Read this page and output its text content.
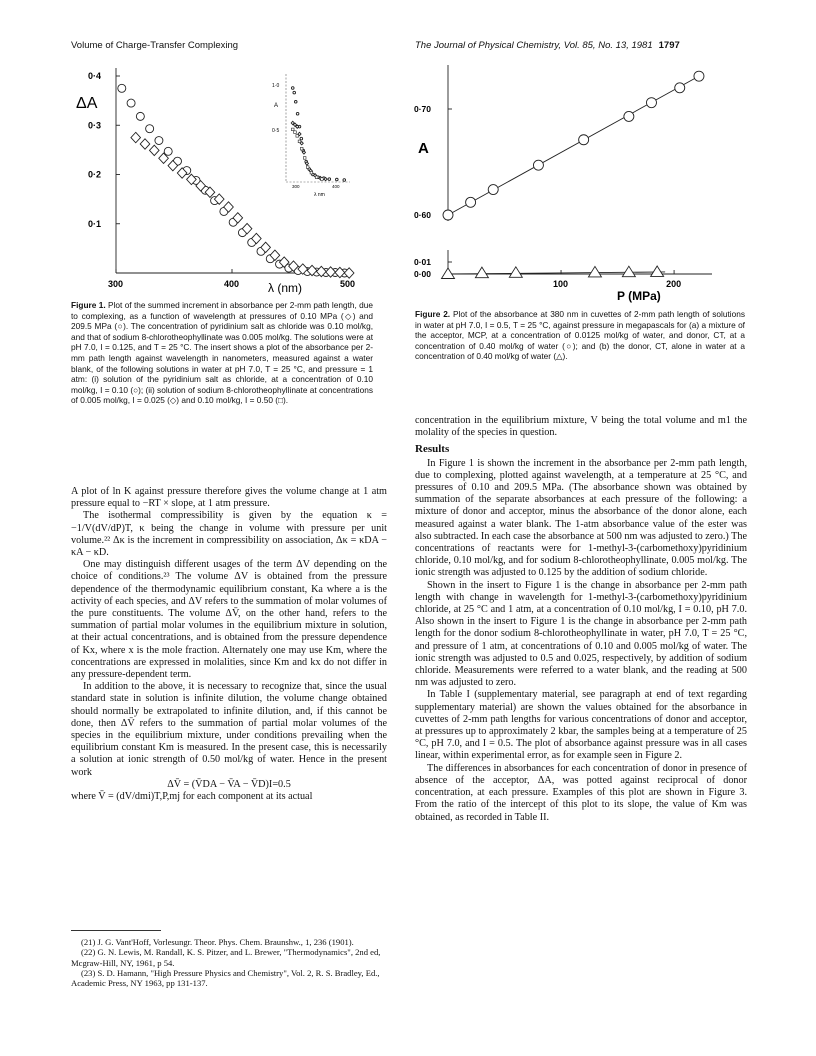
Volume of Charge-Transfer Complexing	The Journal of Physical Chemistry, Vol. 85, No. 13, 1981 1797
0·1
0·2
0·3
0·4
300	400	500
ΔA
λ (nm)
1·0
A
0·5
300	400
λ nm
Figure 1. Plot of the summed increment in absorbance per 2-mm path length, due to complexing, as a function of wavelength at pressures of 0.10 MPa (◇) and 209.5 MPa (○). The concentration of pyridinium salt as chloride was 0.10 mol/kg, and that of sodium 8-chlorotheophyllinate was 0.005 mol/kg. The solutions were at pH 7.0, I = 0.125, and T = 25 °C. The insert shows a plot of the absorbance per 2-mm path length against wavelength in nanometers, measured against a water blank, of the following solutions in water at pH 7.0, T = 25 °C, and pressure = 1 atm: (i) solution of the pyridinium salt as chloride, at a concentration of 0.10 mol/kg, I = 0.10 (○); (ii) solution of sodium 8-chlorotheophyllinate at concentrations of 0.005 mol/kg, I = 0.025 (◇) and 0.10 mol/kg, I = 0.50 (□).
0·00
0·01
0·60
0·70
100	200
A
P (MPa)
Figure 2. Plot of the absorbance at 380 nm in cuvettes of 2-mm path length of solutions in water at pH 7.0, I = 0.5, T = 25 °C, against pressure in megapascals for (a) a mixture of the acceptor, MCP, at a concentration of 0.0125 mol/kg of water, and donor, CT, at a concentration of 0.40 mol/kg of water (○); and (b) the donor, CT, alone in water at a concentration of 0.40 mol/kg of water (△).

A plot of ln K against pressure therefore gives the volume change at 1 atm pressure equal to −RT × slope, at 1 atm pressure.

The isothermal compressibility is given by the equation κ = −1/V(dV/dP)T, κ being the change in volume with pressure per unit volume.²² Δκ is the increment in compressibility on association, Δκ = κDA − κA − κD.

One may distinguish different usages of the term ΔV depending on the choice of conditions.²³ The volume ΔV is obtained from the pressure dependence of the thermodynamic equilibrium constant, Ka where a is the activity of each species, and ΔV refers to the summation of molar volumes of the pure constituents. The volume ΔV̄, on the other hand, refers to the summation of partial molar volumes in the equilibrium mixture in solution, at their actual concentrations, and is obtained from the pressure dependence of Kx, where x is the mole fraction. Alternately one may use Km, where the concentrations are expressed in molalities, since Km and kx do not differ in any pressure-dependent term.

In addition to the above, it is necessary to recognize that, since the usual standard state in solution is infinite dilution, the volume change obtained should normally be extrapolated to infinite dilution, and, if this cannot be done, then ΔV̄ refers to the summation of partial molar volumes of the species in the equilibrium mixture, under conditions prevailing when the equilibrium constant Km is measured. In the present case, this is necessarily a solution at ionic strength of 0.50 mol/kg of water. Hence in the present work

ΔV̄ = (V̄DA − V̄A − V̄D)I=0.5

where V̄ = (dV/dmi)T,P,mj for each component at its actual

(21) J. G. Vant'Hoff, Vorlesungr. Theor. Phys. Chem. Braunshw., 1, 236 (1901).

(22) G. N. Lewis, M. Randall, K. S. Pitzer, and L. Brewer, "Thermodynamics", 2nd ed, Mcgraw-Hill, NY, 1961, p 54.

(23) S. D. Hamann, "High Pressure Physics and Chemistry", Vol. 2, R. S. Bradley, Ed., Academic Press, NY 1963, pp 131-137.

concentration in the equilibrium mixture, V being the total volume and m1 the molality of the species in question.

Results

In Figure 1 is shown the increment in the absorbance per 2-mm path length, due to complexing, plotted against wavelength, at a temperature at 25 °C, and pressures of 0.10 and 209.5 MPa. (The absorbance shown was obtained by summation of the separate absorbances at each pressure of the following: a mixture of donor and acceptor, minus the absorbance of the donor alone, each measured against a water blank. The 1-atm absorbance value of the ester was also subtracted. In each case the absorbance at 500 nm was adjusted to zero.) The concentrations of reactants were for 1-methyl-3-(carbomethoxy)pyridinium chloride, 0.10 mol/kg, and for sodium 8-chlorotheophyllinate, 0.005 mol/kg. The ionic strength was adjusted to 0.125 by the addition of sodium chloride.

Shown in the insert to Figure 1 is the change in absorbance per 2-mm path length with change in wavelength for 1-methyl-3-(carbomethoxy)pyridinium chloride, at 25 °C and 1 atm, at a concentration of 0.10 mol/kg, I = 0.10, pH 7.0. Also shown in the insert to Figure 1 is the change in absorbance per 2-mm path length for the donor sodium 8-chlorotheophyllinate in water, pH 7.0, T = 25 °C, and pressure of 1 atm, at concentrations of 0.10 and 0.005 mol/kg of water. The ionic strength was adjusted to 0.5 and 0.025, respectively, by addition of sodium chloride. Measurements were referred to a water blank, and the reading at 500 nm was adjusted to zero.

In Table I (supplementary material, see paragraph at end of text regarding supplementary material) are shown the values obtained for the absorbance in cuvettes of 2-mm path lengths for various concentrations of donor and acceptor, at pressures up to approximately 2 kbar, the samples being at a temperature of 25 °C, pH 7.0, and I = 0.5. The plot of absorbance against pressure was in all cases linear, within experimental error, as for example seen in Figure 2.

The differences in absorbances for each concentration of donor in presence of absence of the acceptor, ΔA, was potted against reciprocal of donor concentration, at each pressure. Examples of this plot are shown in Figure 3. From the ratio of the intercept of this plot to its slope, the value of Km was obtained, as recorded in Table II.
